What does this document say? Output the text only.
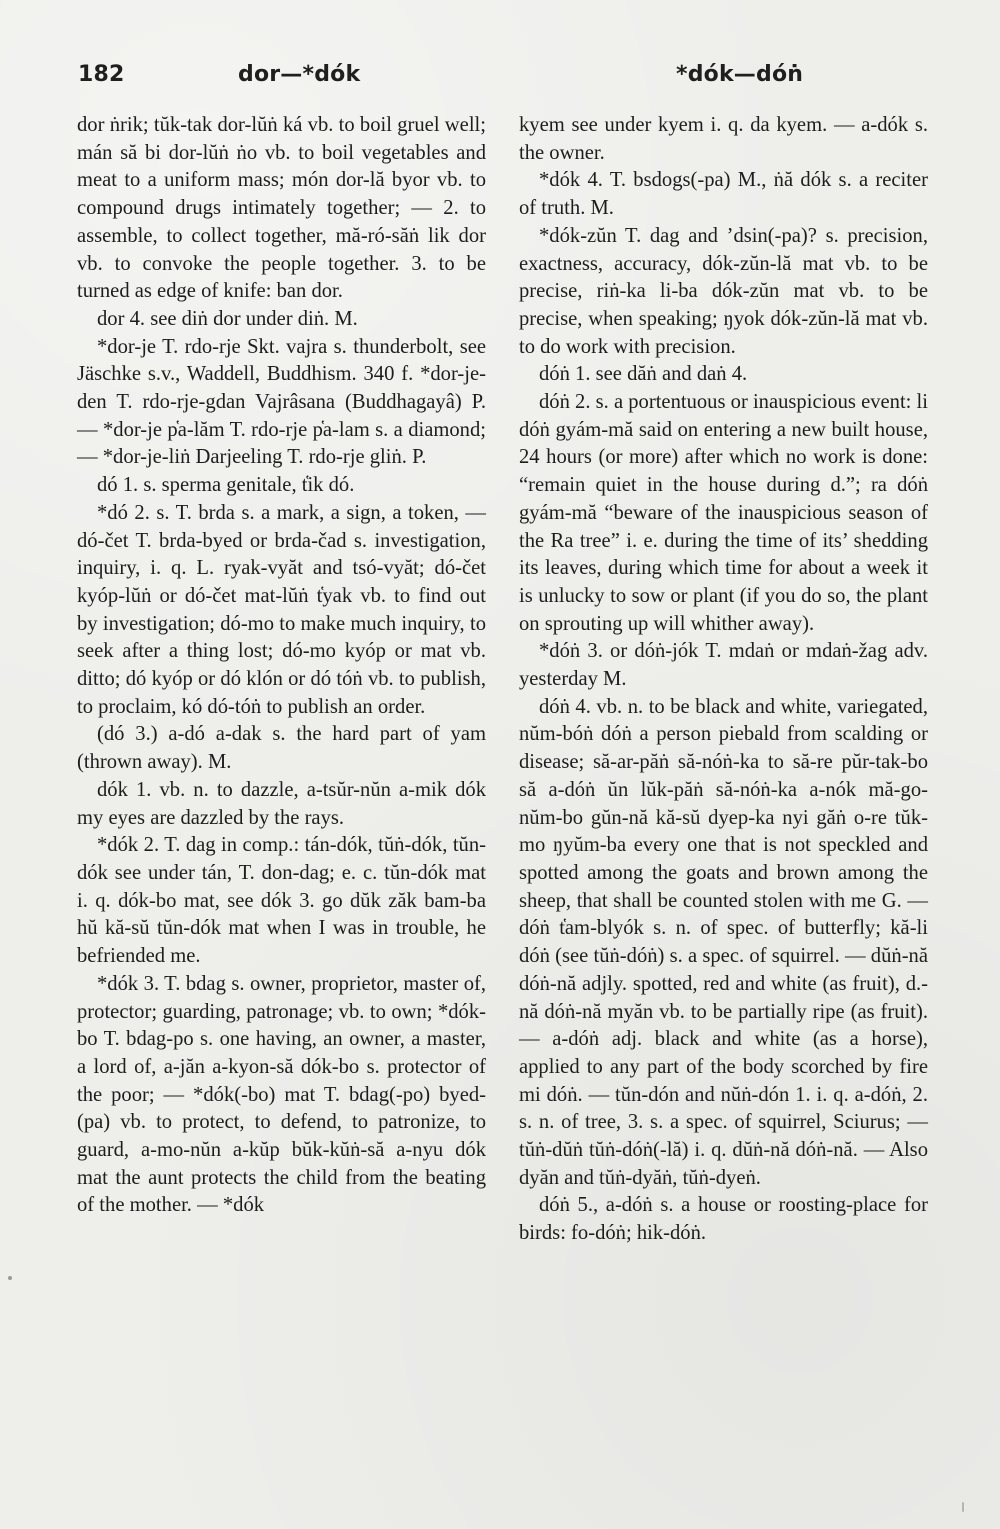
182	dor—*dók	*dók—dóṅ

dor ṅrik; tŭk-tak dor-lŭṅ ká vb. to boil gruel well; mán să bi dor-lŭṅ ṅo vb. to boil vegetables and meat to a uniform mass; món dor-lă byor vb. to compound drugs intimately together; — 2. to assemble, to collect together, mă-ró-săṅ lik dor vb. to convoke the people together. 3. to be turned as edge of knife: ban dor.

dor 4. see diṅ dor under diṅ. M.

*dor-je T. rdo-rje Skt. vajra s. thunderbolt, see Jäschke s.v., Waddell, Buddhism. 340 f. *dor-je-den T. rdo-rje-gdan Vajrâsana (Buddhagayâ) P. — *dor-je p̔a-lăm T. rdo-rje p̔a-lam s. a diamond; — *dor-je-liṅ Darjeeling T. rdo-rje gliṅ. P.

dó 1. s. sperma genitale, t̔ik dó.

*dó 2. s. T. brda s. a mark, a sign, a token, — dó-čet T. brda-byed or brda-čad s. investigation, inquiry, i. q. L. ryak-vyăt and tsó-vyăt; dó-čet kyóp-lŭṅ or dó-čet mat-lŭṅ t̔yak vb. to find out by investigation; dó-mo to make much inquiry, to seek after a thing lost; dó-mo kyóp or mat vb. ditto; dó kyóp or dó klón or dó tóṅ vb. to publish, to proclaim, kó dó-tóṅ to publish an order.

(dó 3.) a-dó a-dak s. the hard part of yam (thrown away). M.

dók 1. vb. n. to dazzle, a-tsŭr-nŭn a-mik dók my eyes are dazzled by the rays.

*dók 2. T. dag in comp.: tán-dók, tŭṅ-dók, tŭn-dók see under tán, T. don-dag; e. c. tŭn-dók mat i. q. dók-bo mat, see dók 3. go dŭk zăk bam-ba hŭ kă-sŭ tŭn-dók mat when I was in trouble, he befriended me.

*dók 3. T. bdag s. owner, proprietor, master of, protector; guarding, patronage; vb. to own; *dók-bo T. bdag-po s. one having, an owner, a master, a lord of, a-jăn a-kyon-să dók-bo s. protector of the poor; — *dók(-bo) mat T. bdag(-po) byed-(pa) vb. to protect, to defend, to patronize, to guard, a-mo-nŭn a-kŭp bŭk-kŭṅ-să a-nyu dók mat the aunt protects the child from the beating of the mother. — *dók

kyem see under kyem i. q. da kyem. — a-dók s. the owner.

*dók 4. T. bsdogs(-pa) M., ṅă dók s. a reciter of truth. M.

*dók-zŭn T. dag and ’dsin(-pa)? s. precision, exactness, accuracy, dók-zŭn-lă mat vb. to be precise, riṅ-ka li-ba dók-zŭn mat vb. to be precise, when speaking; ŋyok dók-zŭn-lă mat vb. to do work with precision.

dóṅ 1. see dăṅ and daṅ 4.

dóṅ 2. s. a portentuous or inauspicious event: li dóṅ gyám-mă said on entering a new built house, 24 hours (or more) after which no work is done: “remain quiet in the house during d.”; ra dóṅ gyám-mă “beware of the inauspicious season of the Ra tree” i. e. during the time of its’ shedding its leaves, during which time for about a week it is unlucky to sow or plant (if you do so, the plant on sprouting up will whither away).

*dóṅ 3. or dóṅ-jók T. mdaṅ or mdaṅ-žag adv. yesterday M.

dóṅ 4. vb. n. to be black and white, variegated, nŭm-bóṅ dóṅ a person piebald from scalding or disease; să-ar-păṅ să-nóṅ-ka to să-re pŭr-tak-bo să a-dóṅ ŭn lŭk-păṅ să-nóṅ-ka a-nók mă-go-nŭm-bo gŭn-nă kă-sŭ dyep-ka nyi găṅ o-re tŭk-mo ŋyŭm-ba every one that is not speckled and spotted among the goats and brown among the sheep, that shall be counted stolen with me G. — dóṅ t̔am-blyók s. n. of spec. of butterfly; kă-li dóṅ (see tŭṅ-dóṅ) s. a spec. of squirrel. — dŭṅ-nă dóṅ-nă adjly. spotted, red and white (as fruit), d.-nă dóṅ-nă myăn vb. to be partially ripe (as fruit). — a-dóṅ adj. black and white (as a horse), applied to any part of the body scorched by fire mi dóṅ. — tŭn-dón and nŭṅ-dón 1. i. q. a-dóṅ, 2. s. n. of tree, 3. s. a spec. of squirrel, Sciurus; — tŭṅ-dŭṅ tŭṅ-dóṅ(-lă) i. q. dŭṅ-nă dóṅ-nă. — Also dyăn and tŭṅ-dyăṅ, tŭṅ-dyeṅ.

dóṅ 5., a-dóṅ s. a house or roosting-place for birds: fo-dóṅ; hik-dóṅ.
